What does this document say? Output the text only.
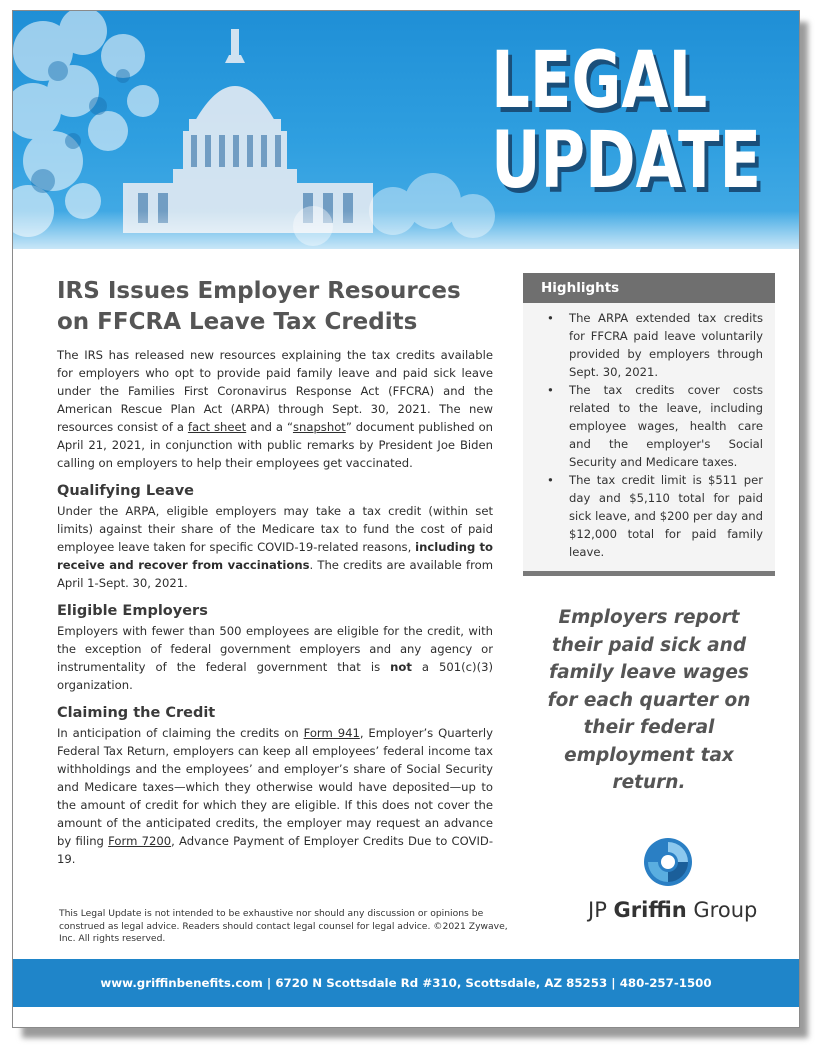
LEGAL
UPDATE
IRS Issues Employer Resources on FFCRA Leave Tax Credits

The IRS has released new resources explaining the tax credits available for employers who opt to provide paid family leave and paid sick leave under the Families First Coronavirus Response Act (FFCRA) and the American Rescue Plan Act (ARPA) through Sept. 30, 2021. The new resources consist of a fact sheet and a “snapshot” document published on April 21, 2021, in conjunction with public remarks by President Joe Biden calling on employers to help their employees get vaccinated.

Qualifying Leave

Under the ARPA, eligible employers may take a tax credit (within set limits) against their share of the Medicare tax to fund the cost of paid employee leave taken for specific COVID-19-related reasons, including to receive and recover from vaccinations. The credits are available from April 1-Sept. 30, 2021.

Eligible Employers

Employers with fewer than 500 employees are eligible for the credit, with the exception of federal government employers and any agency or instrumentality of the federal government that is not a 501(c)(3) organization.

Claiming the Credit

In anticipation of claiming the credits on Form 941, Employer’s Quarterly Federal Tax Return, employers can keep all employees’ federal income tax withholdings and the employees’ and employer’s share of Social Security and Medicare taxes—which they otherwise would have deposited—up to the amount of credit for which they are eligible. If this does not cover the amount of the anticipated credits, the employer may request an advance by filing Form 7200, Advance Payment of Employer Credits Due to COVID-19.

Highlights
• The ARPA extended tax credits for FFCRA paid leave voluntarily provided by employers through Sept. 30, 2021.
• The tax credits cover costs related to the leave, including employee wages, health care and the employer's Social Security and Medicare taxes.
• The tax credit limit is $511 per day and $5,110 total for paid sick leave, and $200 per day and $12,000 total for paid family leave.
Employers report their paid sick and family leave wages for each quarter on their federal employment tax return.
JP Griffin Group
This Legal Update is not intended to be exhaustive nor should any discussion or opinions be construed as legal advice. Readers should contact legal counsel for legal advice. ©2021 Zywave, Inc. All rights reserved.
www.griffinbenefits.com | 6720 N Scottsdale Rd #310, Scottsdale, AZ 85253 | 480-257-1500
